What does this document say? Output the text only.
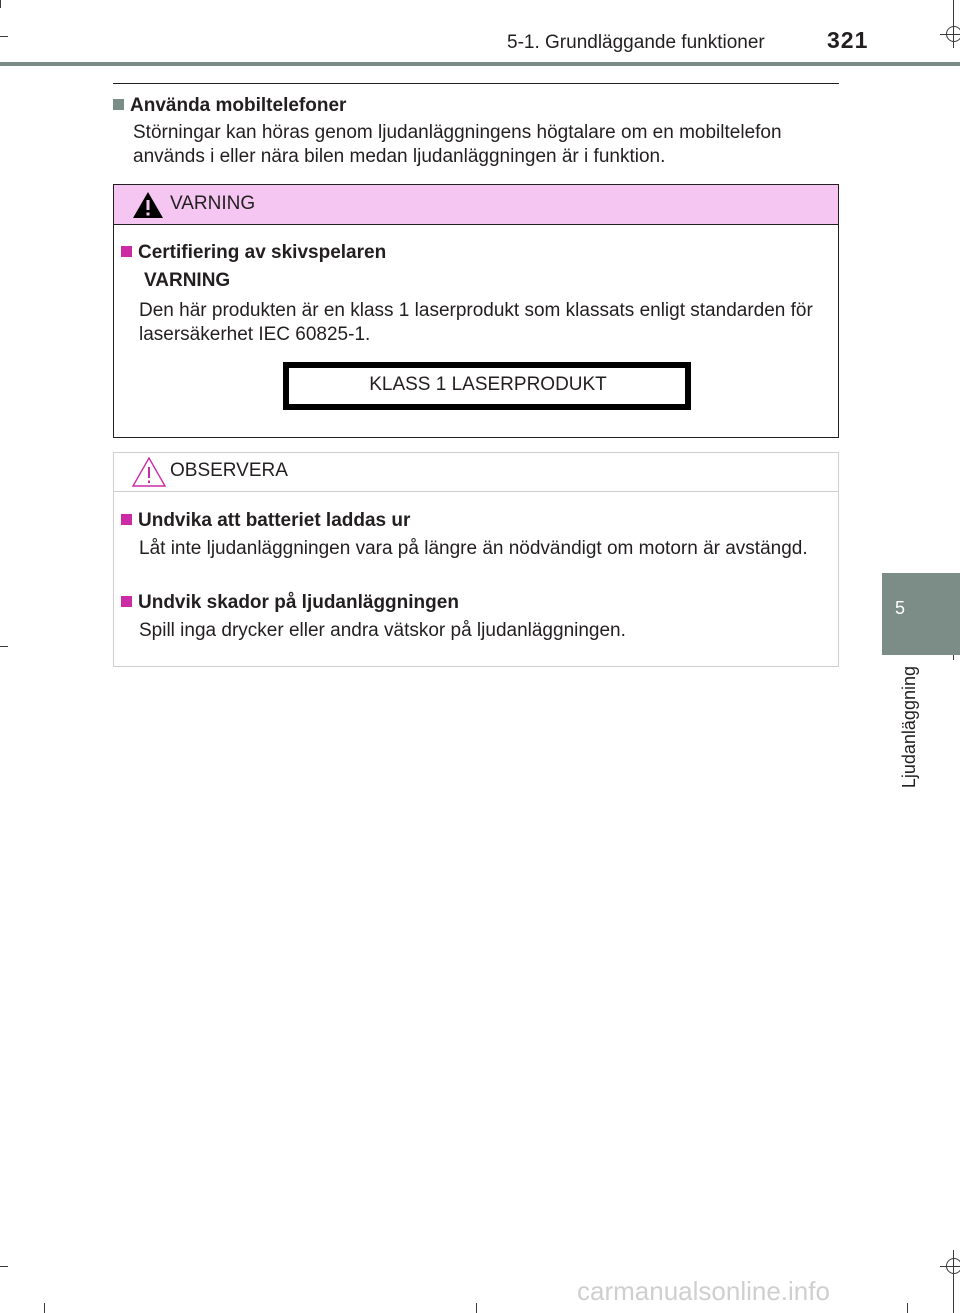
5-1. Grundläggande funktioner	321
5
Ljudanläggning
Använda mobiltelefoner
Störningar kan höras genom ljudanläggningens högtalare om en mobiltelefon används i eller nära bilen medan ljudanläggningen är i funktion.
VARNING
Certifiering av skivspelaren
VARNING
Den här produkten är en klass 1 laserprodukt som klassats enligt standarden för lasersäkerhet IEC 60825-1.
KLASS 1 LASERPRODUKT
OBSERVERA
Undvika att batteriet laddas ur
Låt inte ljudanläggningen vara på längre än nödvändigt om motorn är avstängd.
Undvik skador på ljudanläggningen
Spill inga drycker eller andra vätskor på ljudanläggningen.
carmanualsonline.info
